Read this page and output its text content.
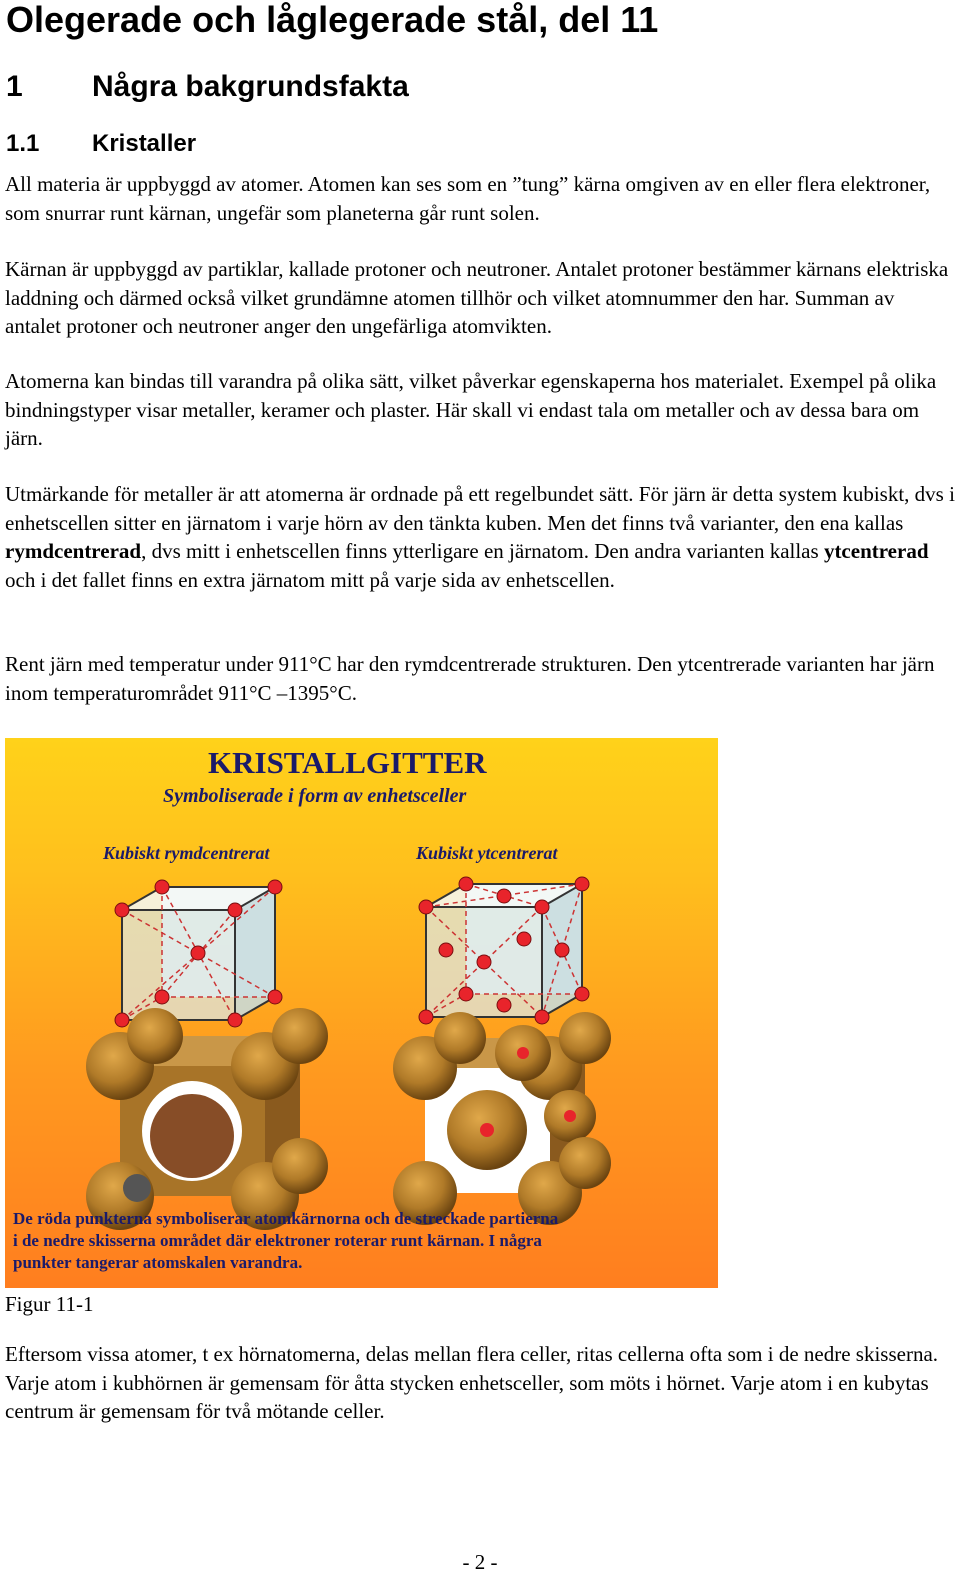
Olegerade och låglegerade stål, del 11
1 Några bakgrundsfakta
1.1 Kristaller

All materia är uppbyggd av atomer. Atomen kan ses som en ”tung” kärna omgiven av en eller flera elektroner, som snurrar runt kärnan, ungefär som planeterna går runt solen.

Kärnan är uppbyggd av partiklar, kallade protoner och neutroner. Antalet protoner bestämmer kärnans elektriska laddning och därmed också vilket grundämne atomen tillhör och vilket atomnummer den har. Summan av antalet protoner och neutroner anger den ungefärliga atomvikten.

Atomerna kan bindas till varandra på olika sätt, vilket påverkar egenskaperna hos materialet. Exempel på olika bindningstyper visar metaller, keramer och plaster. Här skall vi endast tala om metaller och av dessa bara om järn.

Utmärkande för metaller är att atomerna är ordnade på ett regelbundet sätt. För järn är detta system kubiskt, dvs i enhetscellen sitter en järnatom i varje hörn av den tänkta kuben. Men det finns två varianter, den ena kallas rymdcentrerad, dvs mitt i enhetscellen finns ytterligare en järnatom. Den andra varianten kallas ytcentrerad och i det fallet finns en extra järnatom mitt på varje sida av enhetscellen.

Rent järn med temperatur under 911°C har den rymdcentrerade strukturen. Den ytcentrerade varianten har järn inom temperaturområdet 911°C –1395°C.

KRISTALLGITTER
Symboliserade i form av enhetsceller
Kubiskt rymdcentrerat	Kubiskt ytcentrerat
De röda punkterna symboliserar atomkärnorna och de streckade partierna
i de nedre skisserna området där elektroner roterar runt kärnan. I några
punkter tangerar atomskalen varandra.

Figur 11-1

Eftersom vissa atomer, t ex hörnatomerna, delas mellan flera celler, ritas cellerna ofta som i de nedre skisserna. Varje atom i kubhörnen är gemensam för åtta stycken enhetsceller, som möts i hörnet. Varje atom i en kubytas centrum är gemensam för två mötande celler.

- 2 -
